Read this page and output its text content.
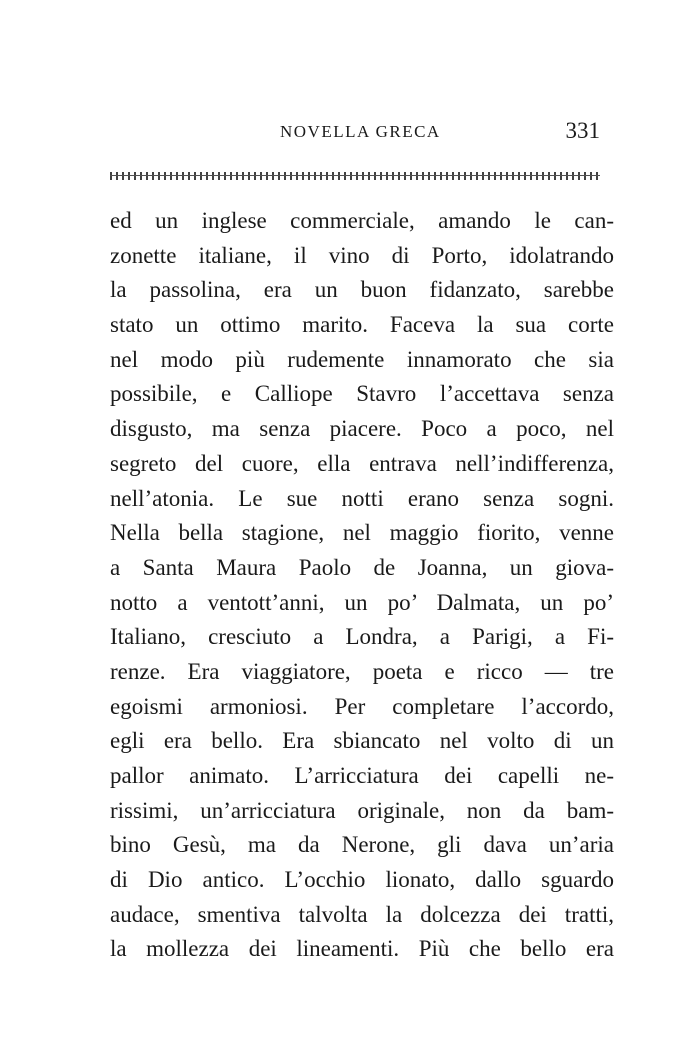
NOVELLA GRECA	331
ed un inglese commerciale, amando le can-
zonette italiane, il vino di Porto, idolatrando
la passolina, era un buon fidanzato, sarebbe
stato un ottimo marito. Faceva la sua corte
nel modo più rudemente innamorato che sia
possibile, e Calliope Stavro l’accettava senza
disgusto, ma senza piacere. Poco a poco, nel
segreto del cuore, ella entrava nell’indifferenza,
nell’atonia. Le sue notti erano senza sogni.
Nella bella stagione, nel maggio fiorito, venne
a Santa Maura Paolo de Joanna, un giova-
notto a ventott’anni, un po’ Dalmata, un po’
Italiano, cresciuto a Londra, a Parigi, a Fi-
renze. Era viaggiatore, poeta e ricco — tre
egoismi armoniosi. Per completare l’accordo,
egli era bello. Era sbiancato nel volto di un
pallor animato. L’arricciatura dei capelli ne-
rissimi, un’arricciatura originale, non da bam-
bino Gesù, ma da Nerone, gli dava un’aria
di Dio antico. L’occhio lionato, dallo sguardo
audace, smentiva talvolta la dolcezza dei tratti,
la mollezza dei lineamenti. Più che bello era
